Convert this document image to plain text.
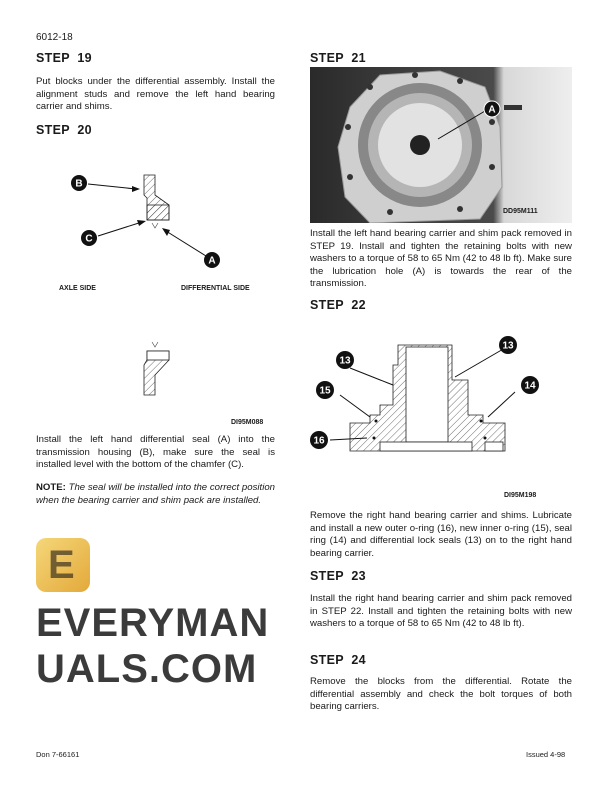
6012-18
STEP 19
Put blocks under the differential assembly. Install the alignment studs and remove the left hand bearing carrier and shims.
STEP 20
B
C
A
AXLE SIDE	DIFFERENTIAL SIDE
DI95M088
Install the left hand differential seal (A) into the transmission housing (B), make sure the seal is installed level with the bottom of the chamfer (C).
NOTE: The seal will be installed into the correct position when the bearing carrier and shim pack are installed.
STEP 21
A
DD95M111
Install the left hand bearing carrier and shim pack removed in STEP 19. Install and tighten the retaining bolts with new washers to a torque of 58 to 65 Nm (42 to 48 lb ft). Make sure the lubrication hole (A) is towards the rear of the transmission.
STEP 22
13
13
15	14
16
DI95M198
Remove the right hand bearing carrier and shims. Lubricate and install a new outer o-ring (16), new inner o-ring (15), seal ring (14) and differential lock seals (13) on to the right hand bearing carrier.
STEP 23
Install the right hand bearing carrier and shim pack removed in STEP 22. Install and tighten the retaining bolts with new washers to a torque of 58 to 65 Nm (42 to 48 lb ft).
STEP 24
Remove the blocks from the differential. Rotate the differential assembly and check the bolt torques of both bearing carriers.
Don 7-66161	Issued 4-98
E
EVERYMANUALS.COM
